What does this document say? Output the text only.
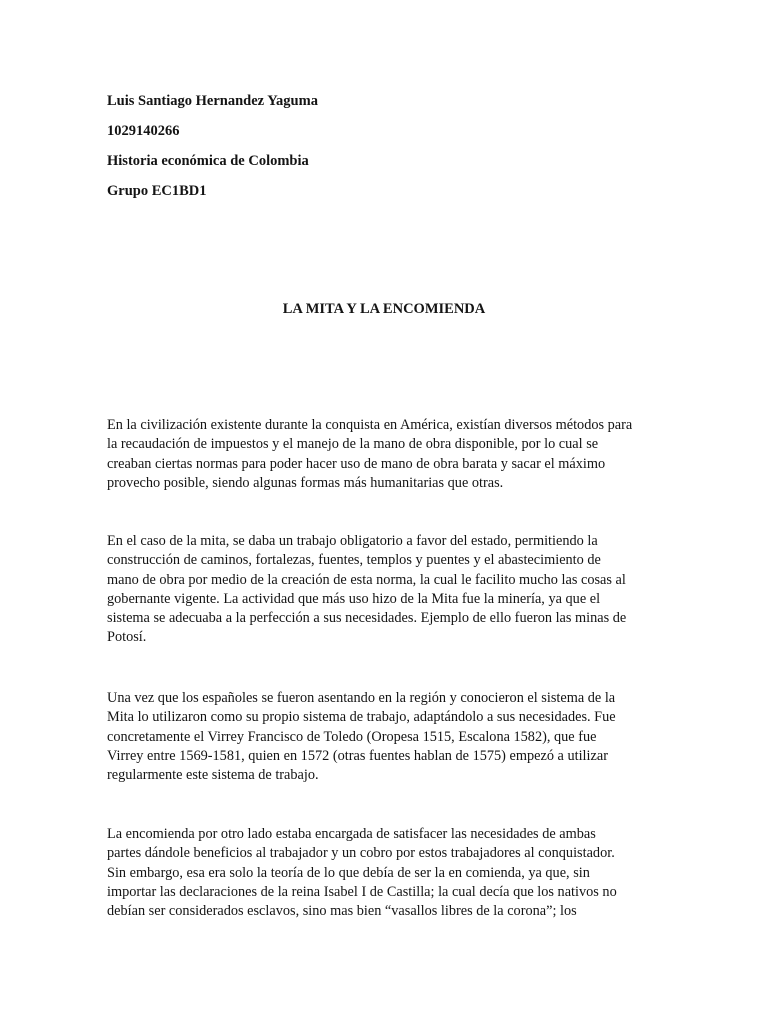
Luis Santiago Hernandez Yaguma
1029140266
Historia económica de Colombia
Grupo EC1BD1
LA MITA Y LA ENCOMIENDA
En la civilización existente durante la conquista en América, existían diversos métodos para
la recaudación de impuestos y el manejo de la mano de obra disponible, por lo cual se
creaban ciertas normas para poder hacer uso de mano de obra barata y sacar el máximo
provecho posible, siendo algunas formas más humanitarias que otras.
En el caso de la mita, se daba un trabajo obligatorio a favor del estado, permitiendo la
construcción de caminos, fortalezas, fuentes, templos y puentes y el abastecimiento de
mano de obra por medio de la creación de esta norma, la cual le facilito mucho las cosas al
gobernante vigente. La actividad que más uso hizo de la Mita fue la minería, ya que el
sistema se adecuaba a la perfección a sus necesidades. Ejemplo de ello fueron las minas de
Potosí.
Una vez que los españoles se fueron asentando en la región y conocieron el sistema de la
Mita lo utilizaron como su propio sistema de trabajo, adaptándolo a sus necesidades. Fue
concretamente el Virrey Francisco de Toledo (Oropesa 1515, Escalona 1582), que fue
Virrey entre 1569-1581, quien en 1572 (otras fuentes hablan de 1575) empezó a utilizar
regularmente este sistema de trabajo.
La encomienda por otro lado estaba encargada de satisfacer las necesidades de ambas
partes dándole beneficios al trabajador y un cobro por estos trabajadores al conquistador.
Sin embargo, esa era solo la teoría de lo que debía de ser la en comienda, ya que, sin
importar las declaraciones de la reina Isabel I de Castilla; la cual decía que los nativos no
debían ser considerados esclavos, sino mas bien “vasallos libres de la corona”; los
